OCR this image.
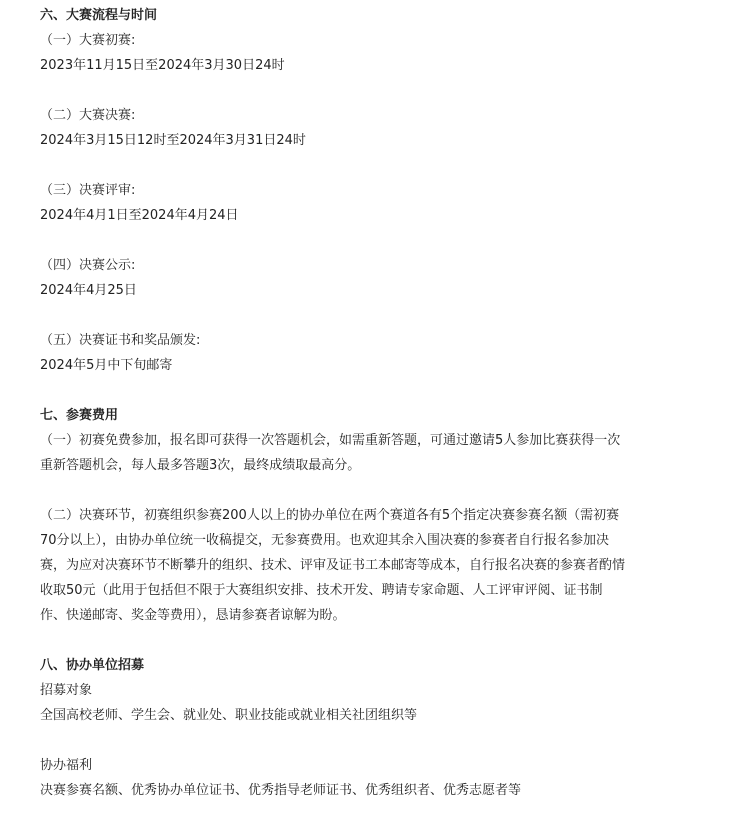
六、大赛流程与时间
（一）大赛初赛:
2023年11月15日至2024年3月30日24时
（二）大赛决赛:
2024年3月15日12时至2024年3月31日24时
（三）决赛评审:
2024年4月1日至2024年4月24日
（四）决赛公示:
2024年4月25日
（五）决赛证书和奖品颁发:
2024年5月中下旬邮寄
七、参赛费用
（一）初赛免费参加，报名即可获得一次答题机会，如需重新答题，可通过邀请5人参加比赛获得一次
重新答题机会，每人最多答题3次，最终成绩取最高分。
（二）决赛环节，初赛组织参赛200人以上的协办单位在两个赛道各有5个指定决赛参赛名额（需初赛
70分以上），由协办单位统一收稿提交，无参赛费用。也欢迎其余入围决赛的参赛者自行报名参加决
赛，为应对决赛环节不断攀升的组织、技术、评审及证书工本邮寄等成本，自行报名决赛的参赛者酌情
收取50元（此用于包括但不限于大赛组织安排、技术开发、聘请专家命题、人工评审评阅、证书制
作、快递邮寄、奖金等费用），恳请参赛者谅解为盼。
八、协办单位招募
招募对象
全国高校老师、学生会、就业处、职业技能或就业相关社团组织等
协办福利
决赛参赛名额、优秀协办单位证书、优秀指导老师证书、优秀组织者、优秀志愿者等
